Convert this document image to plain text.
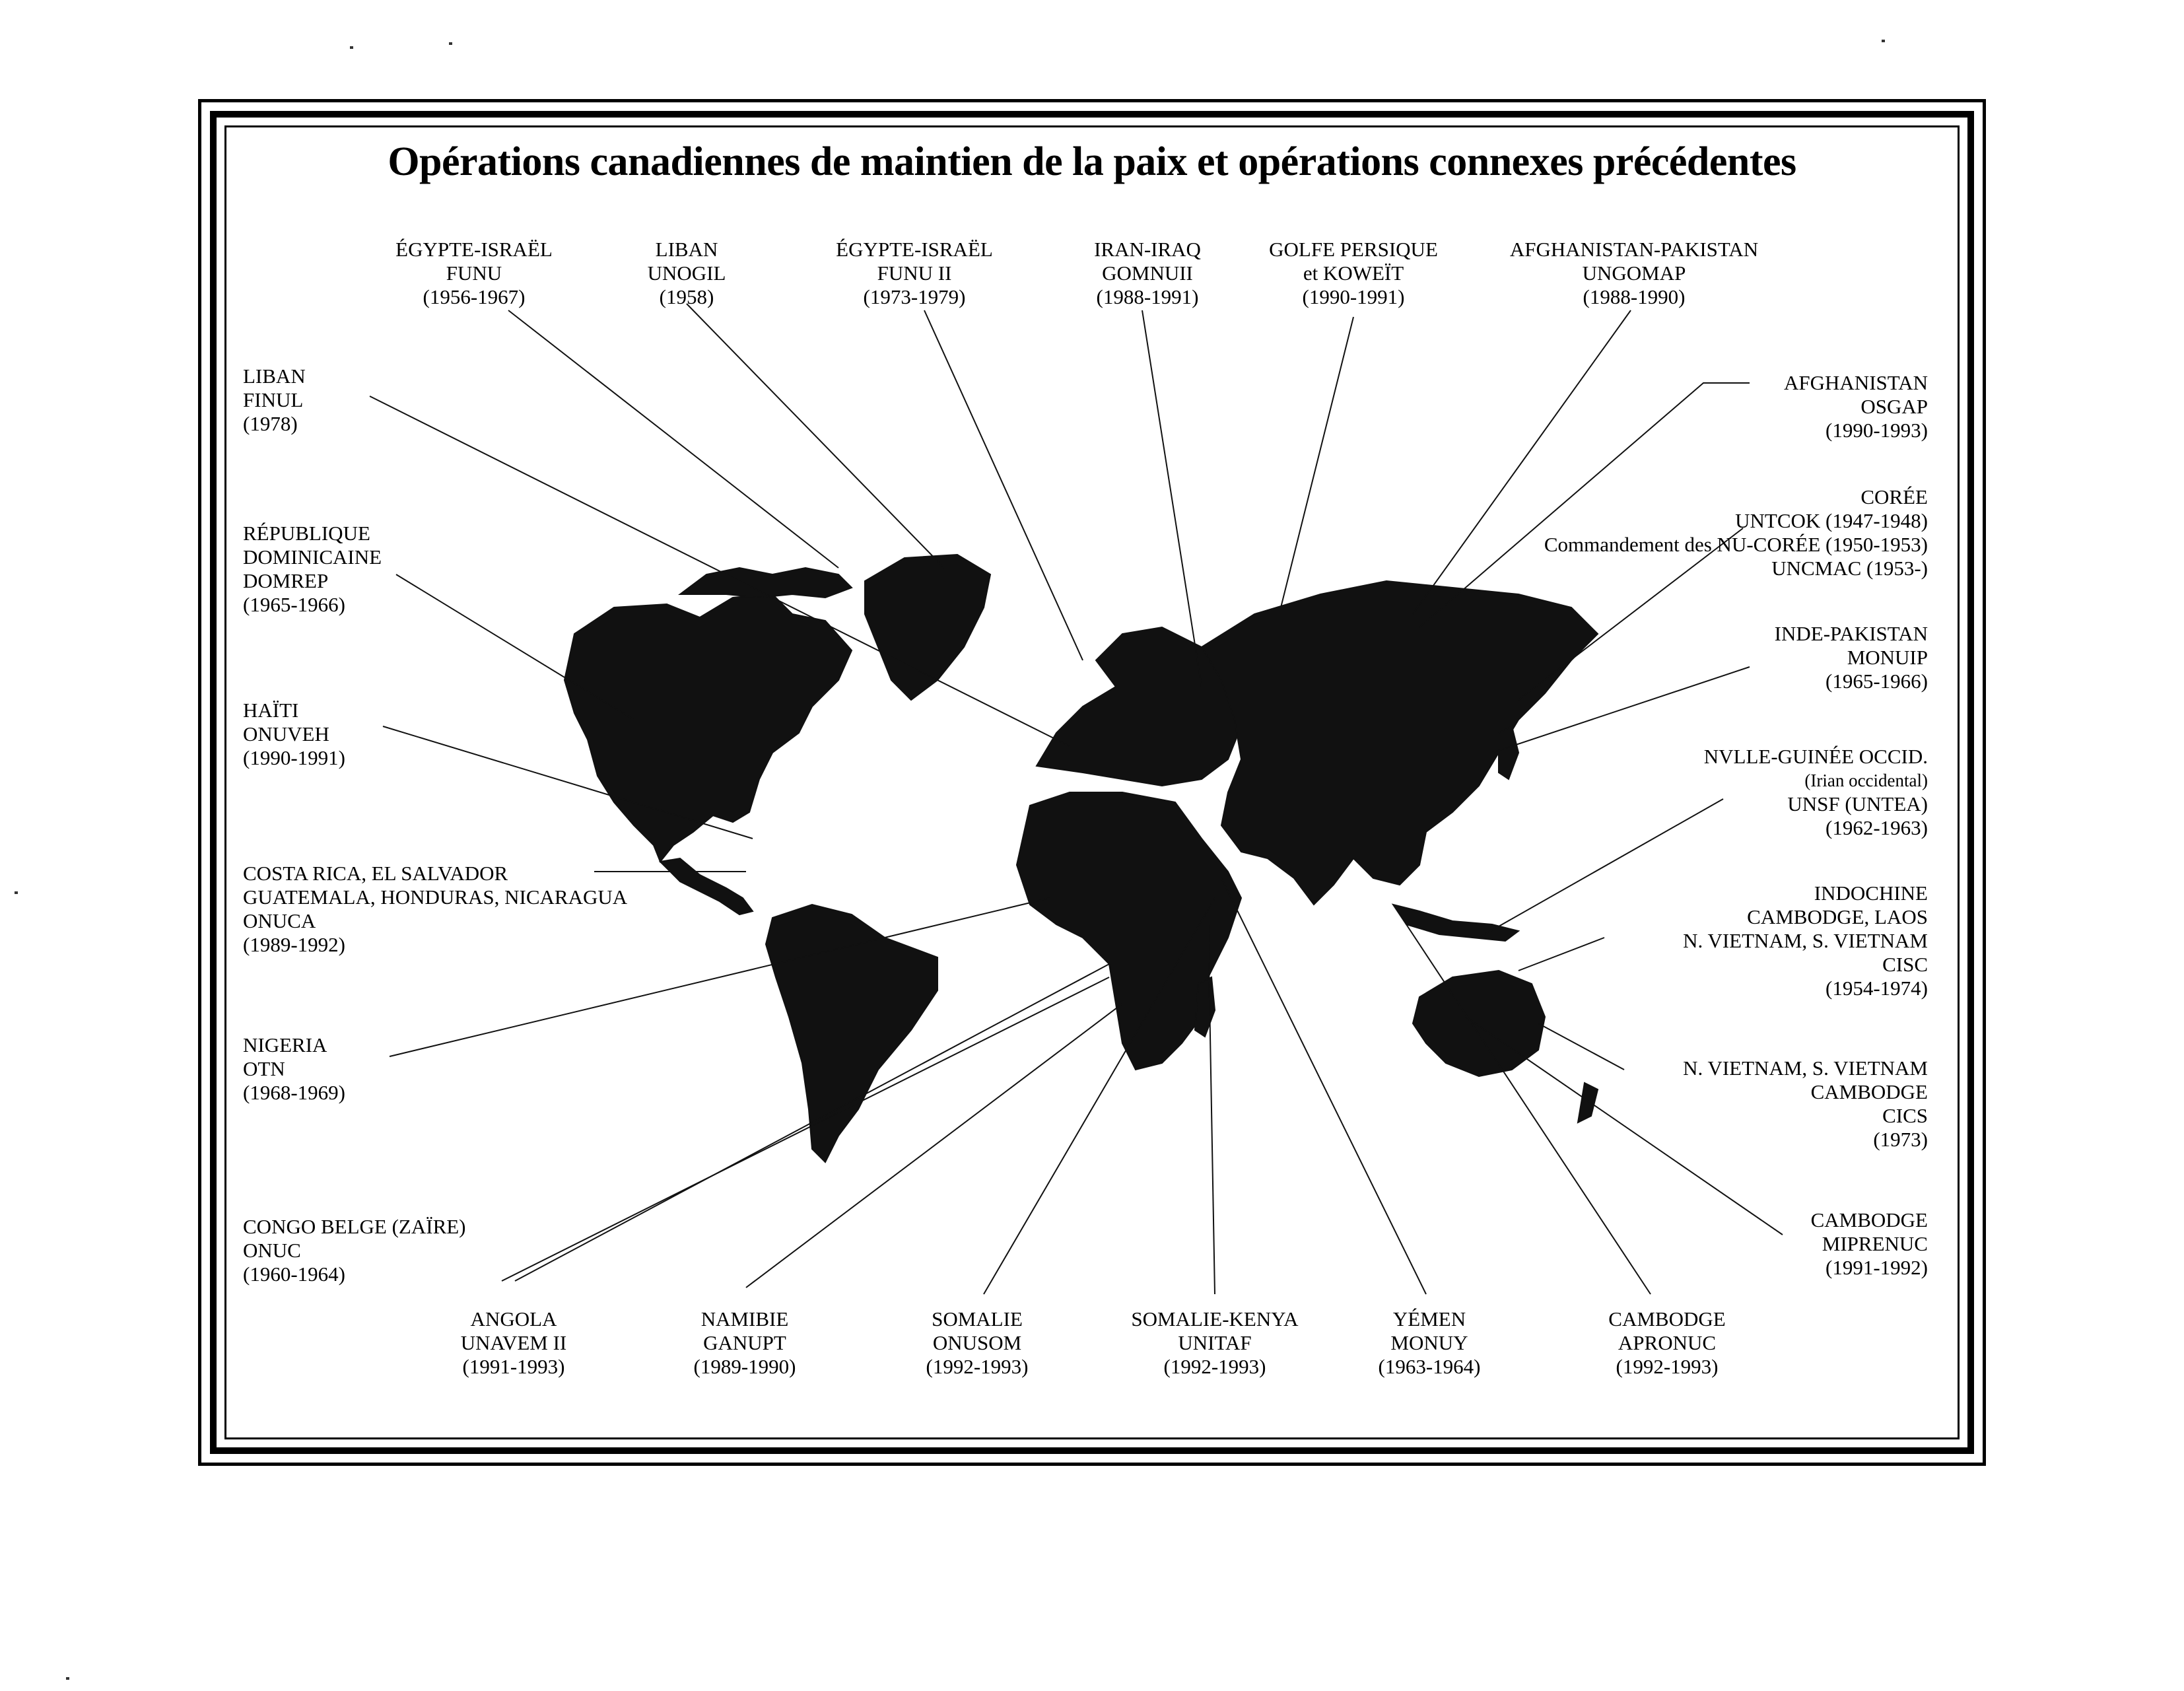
Opérations canadiennes de maintien de la paix et opérations connexes précédentes
ÉGYPTE-ISRAËL
FUNU
(1956-1967)
LIBAN
UNOGIL
(1958)
ÉGYPTE-ISRAËL
FUNU II
(1973-1979)
IRAN-IRAQ
GOMNUII
(1988-1991)
GOLFE PERSIQUE
et KOWEÏT
(1990-1991)
AFGHANISTAN-PAKISTAN
UNGOMAP
(1988-1990)
LIBAN
FINUL
(1978)
RÉPUBLIQUE
DOMINICAINE
DOMREP
(1965-1966)
HAÏTI
ONUVEH
(1990-1991)
COSTA RICA, EL SALVADOR
GUATEMALA, HONDURAS, NICARAGUA
ONUCA
(1989-1992)
NIGERIA
OTN
(1968-1969)
CONGO BELGE (ZAÏRE)
ONUC
(1960-1964)
AFGHANISTAN
OSGAP
(1990-1993)
CORÉE
UNTCOK (1947-1948)
Commandement des NU-CORÉE (1950-1953)
UNCMAC (1953-)
INDE-PAKISTAN
MONUIP
(1965-1966)
NVLLE-GUINÉE OCCID.
(Irian occidental)
UNSF (UNTEA)
(1962-1963)
INDOCHINE
CAMBODGE, LAOS
N. VIETNAM, S. VIETNAM
CISC
(1954-1974)
N. VIETNAM, S. VIETNAM
CAMBODGE
CICS
(1973)
CAMBODGE
MIPRENUC
(1991-1992)
ANGOLA
UNAVEM II
(1991-1993)
NAMIBIE
GANUPT
(1989-1990)
SOMALIE
ONUSOM
(1992-1993)
SOMALIE-KENYA
UNITAF
(1992-1993)
YÉMEN
MONUY
(1963-1964)
CAMBODGE
APRONUC
(1992-1993)
